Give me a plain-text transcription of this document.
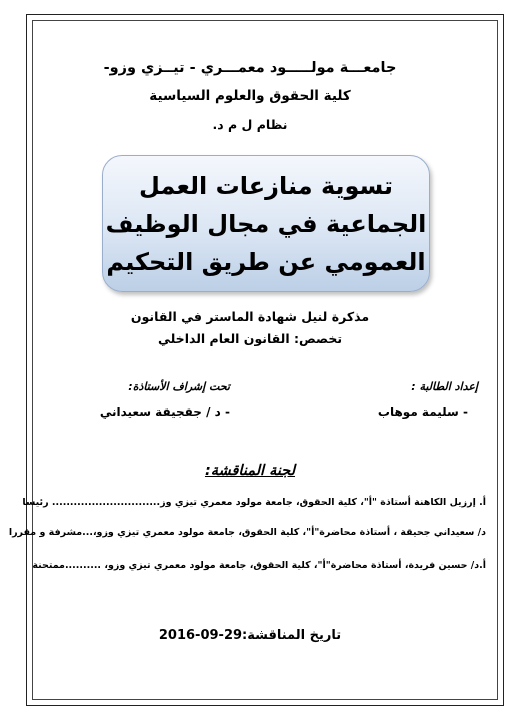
جامعـــة مولـــــود معمـــري - تيــزي وزو-
كلية الحقوق والعلوم السياسية
نظام ل م د.
تسوية منازعات العمل
الجماعية في مجال الوظيف
العمومي عن طريق التحكيم
مذكرة لنيل شهادة الماستر في القانون
تخصص: القانون العام الداخلي
إعداد الطالبة :
- سليمة موهاب
تحت إشراف الأستاذة:
- د / جقجيقة سعيداني
لجنة المناقشة:
أ. إرزيل الكاهنة أستاذة "أ"، كلية الحقوق، جامعة مولود معمري تيزي وز.............................. رئيسا
د/ سعيداني جحيقة ، أستاذة محاضرة"أ"، كلية الحقوق، جامعة مولود معمري تيزي وزو،...مشرفة و مقررا
أ.د/ حسين فريدة، أستاذة محاضرة"أ"، كلية الحقوق، جامعة مولود معمري تيزي وزو، ..........ممتحنة
تاريخ المناقشة:29-09-2016
